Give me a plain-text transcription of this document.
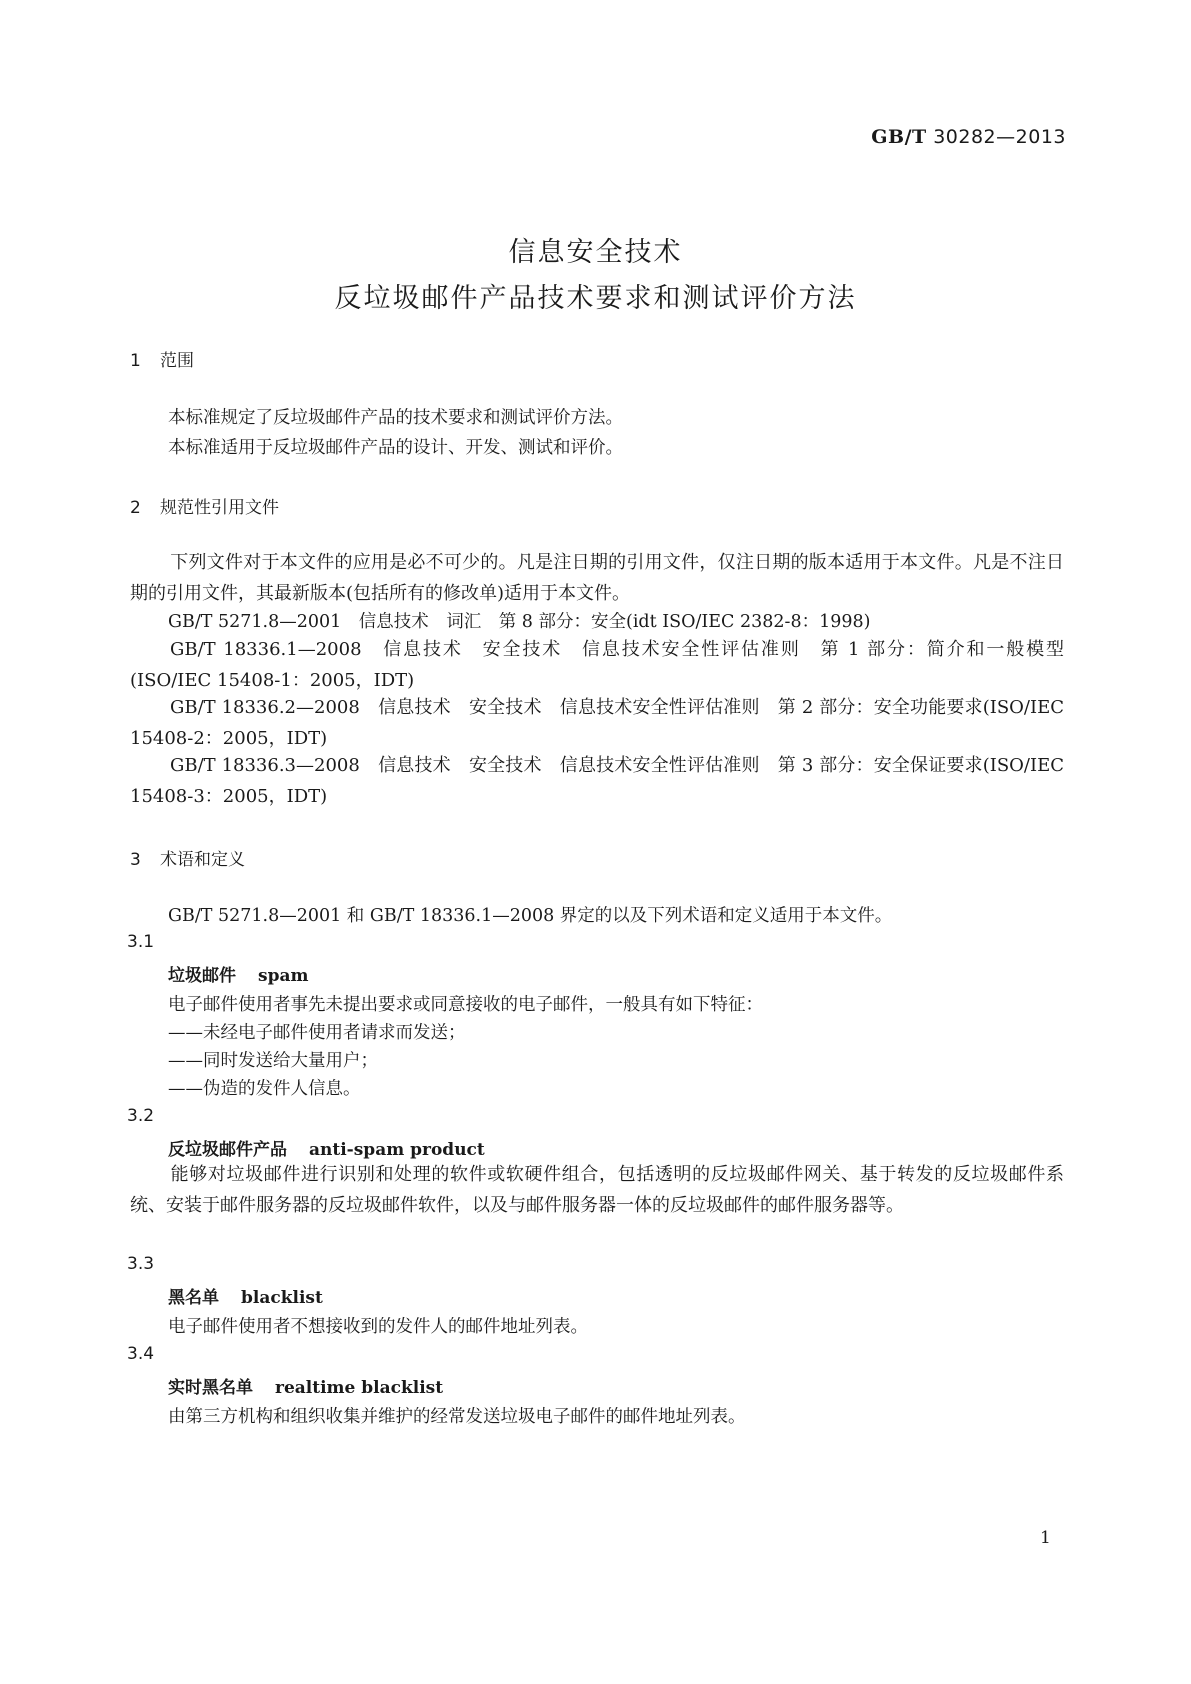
GB/T 30282—2013
信息安全技术
反垃圾邮件产品技术要求和测试评价方法
1 范围
本标准规定了反垃圾邮件产品的技术要求和测试评价方法。
本标准适用于反垃圾邮件产品的设计、开发、测试和评价。
2 规范性引用文件
下列文件对于本文件的应用是必不可少的。凡是注日期的引用文件，仅注日期的版本适用于本文件。凡是不注日期的引用文件，其最新版本(包括所有的修改单)适用于本文件。
GB/T 5271.8—2001　信息技术　词汇　第 8 部分：安全(idt ISO/IEC 2382-8：1998)
GB/T 18336.1—2008　信息技术　安全技术　信息技术安全性评估准则　第 1 部分：简介和一般模型(ISO/IEC 15408-1：2005，IDT)
GB/T 18336.2—2008　信息技术　安全技术　信息技术安全性评估准则　第 2 部分：安全功能要求(ISO/IEC 15408-2：2005，IDT)
GB/T 18336.3—2008　信息技术　安全技术　信息技术安全性评估准则　第 3 部分：安全保证要求(ISO/IEC 15408-3：2005，IDT)
3 术语和定义
GB/T 5271.8—2001 和 GB/T 18336.1—2008 界定的以及下列术语和定义适用于本文件。
3.1
垃圾邮件 spam
电子邮件使用者事先未提出要求或同意接收的电子邮件，一般具有如下特征：
——未经电子邮件使用者请求而发送；
——同时发送给大量用户；
——伪造的发件人信息。
3.2
反垃圾邮件产品 anti-spam product
能够对垃圾邮件进行识别和处理的软件或软硬件组合，包括透明的反垃圾邮件网关、基于转发的反垃圾邮件系统、安装于邮件服务器的反垃圾邮件软件，以及与邮件服务器一体的反垃圾邮件的邮件服务器等。
3.3
黑名单 blacklist
电子邮件使用者不想接收到的发件人的邮件地址列表。
3.4
实时黑名单 realtime blacklist
由第三方机构和组织收集并维护的经常发送垃圾电子邮件的邮件地址列表。
1
